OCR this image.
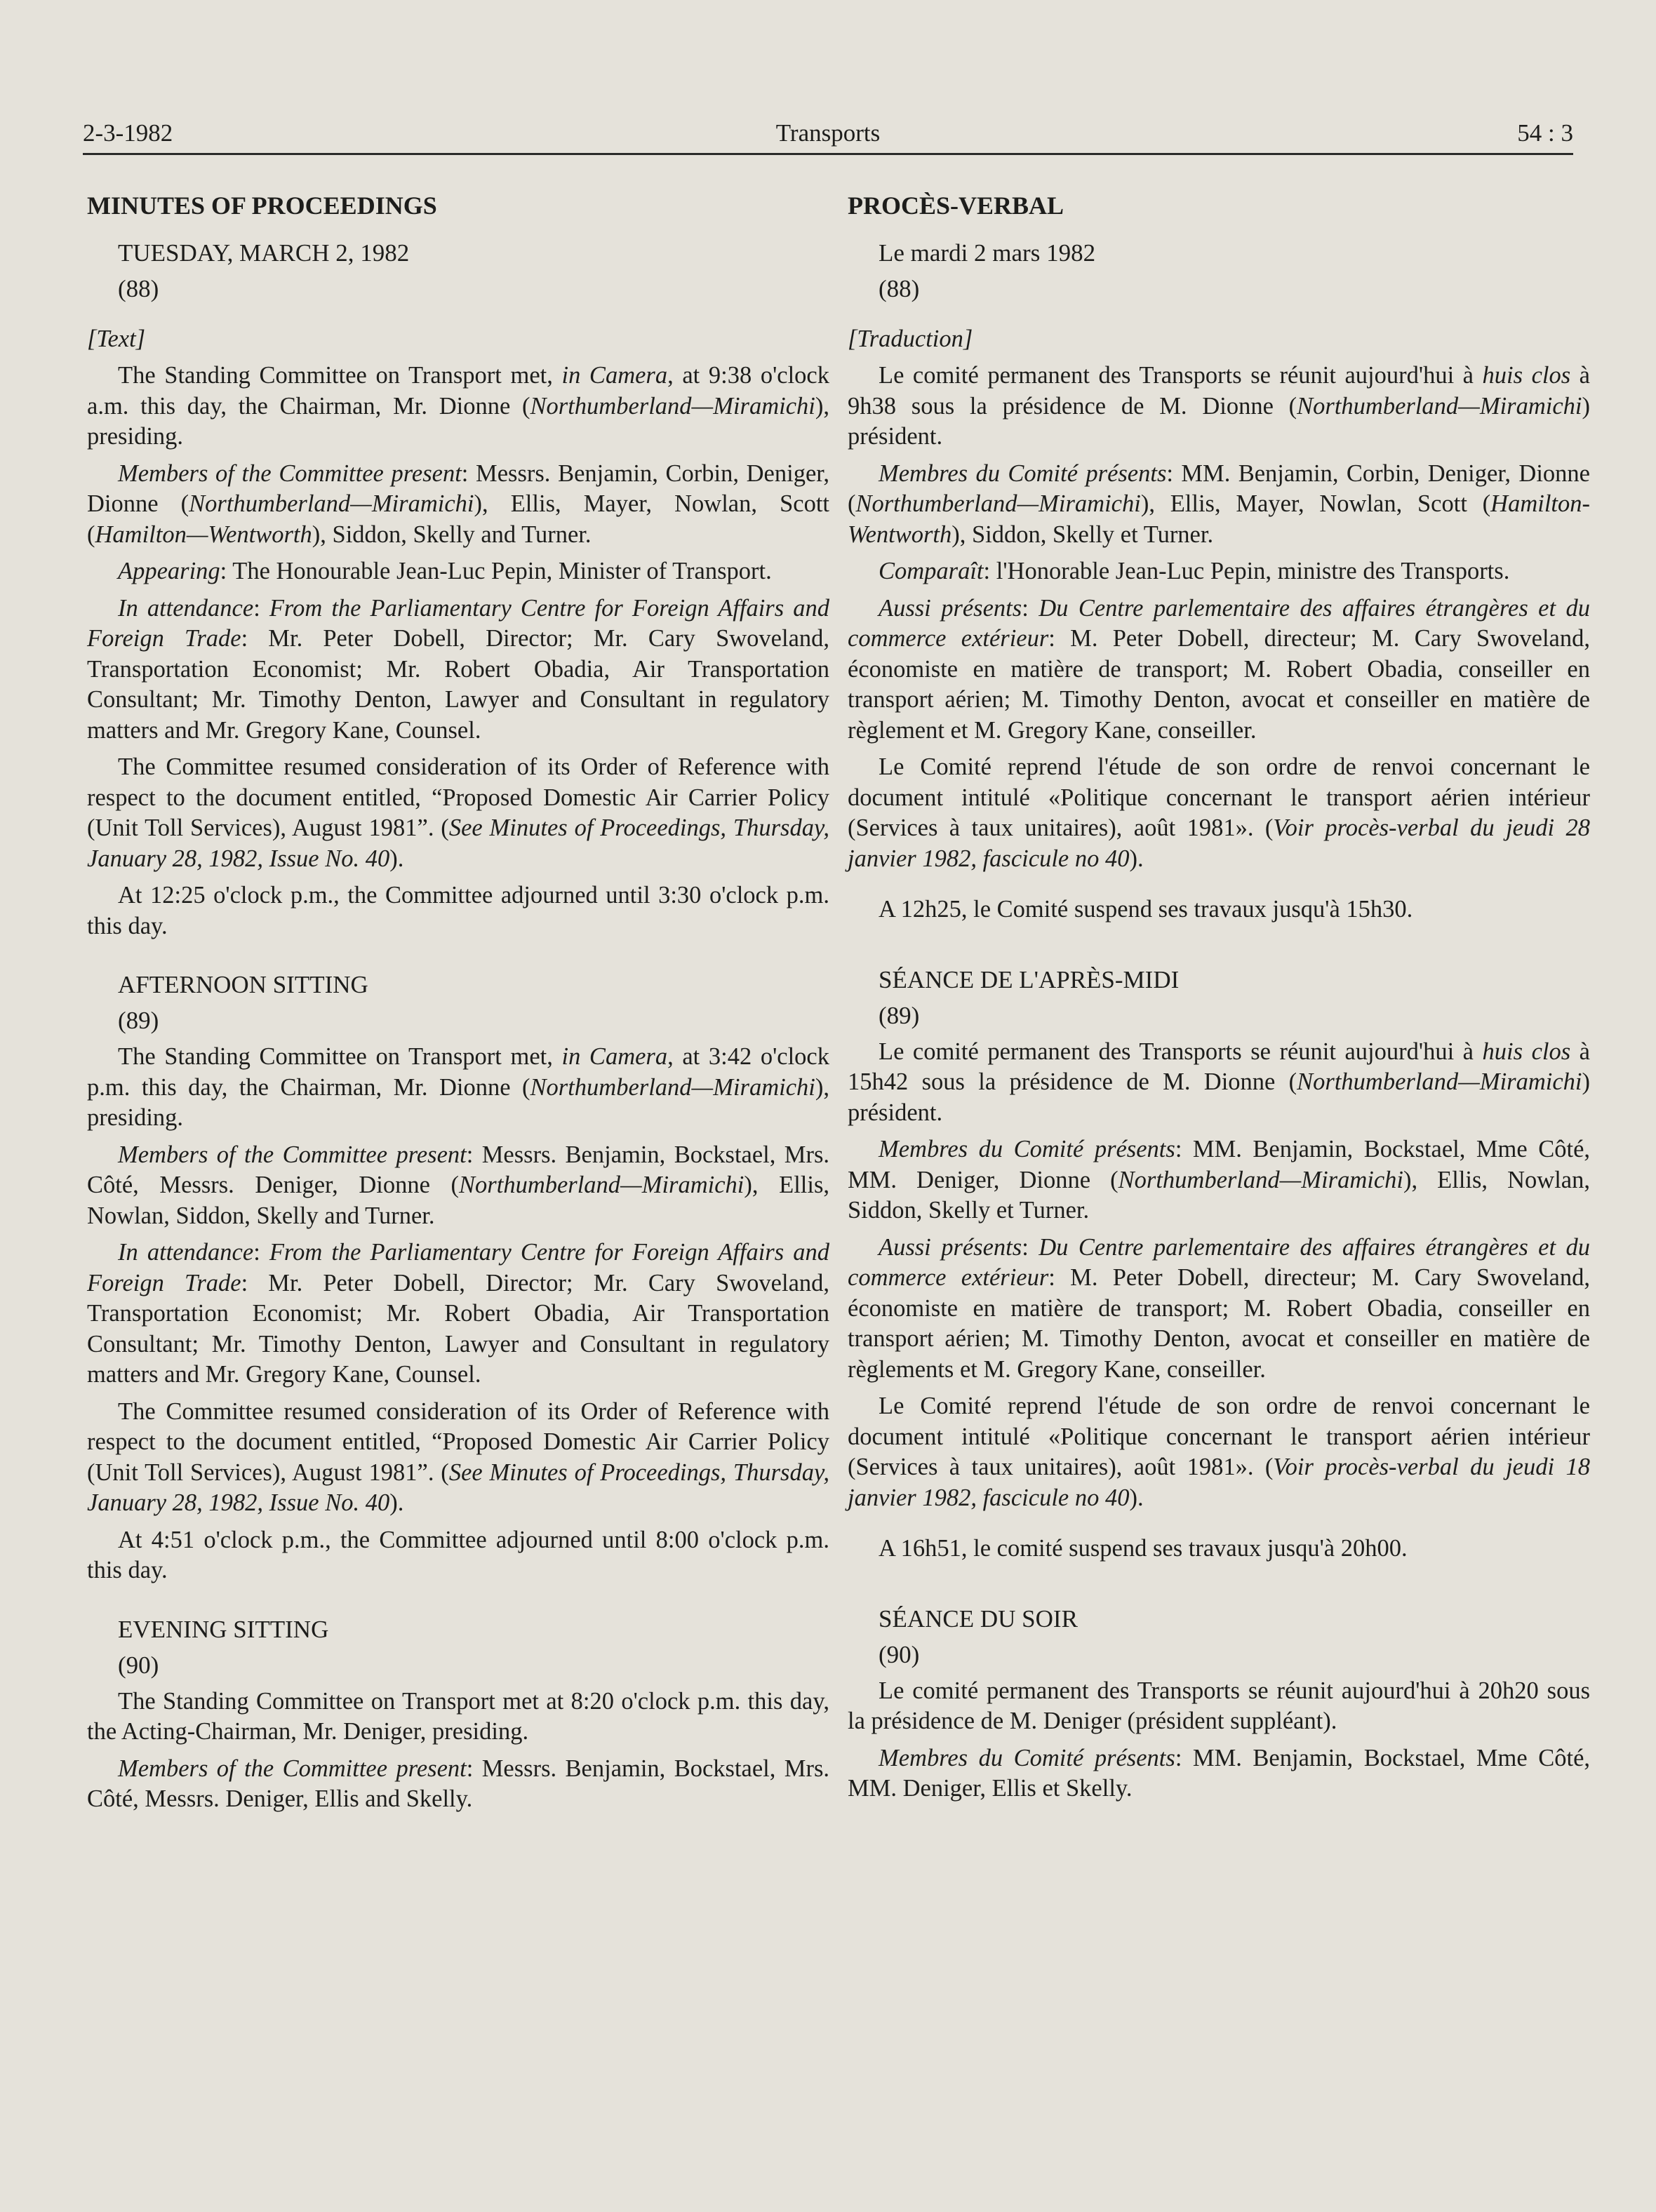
2-3-1982	Transports	54 : 3

MINUTES OF PROCEEDINGS

TUESDAY, MARCH 2, 1982

(88)

[Text]

The Standing Committee on Transport met, in Camera, at 9:38 o'clock a.m. this day, the Chairman, Mr. Dionne (Northumberland—Miramichi), presiding.

Members of the Committee present: Messrs. Benjamin, Corbin, Deniger, Dionne (Northumberland—Miramichi), Ellis, Mayer, Nowlan, Scott (Hamilton—Wentworth), Siddon, Skelly and Turner.

Appearing: The Honourable Jean-Luc Pepin, Minister of Transport.

In attendance: From the Parliamentary Centre for Foreign Affairs and Foreign Trade: Mr. Peter Dobell, Director; Mr. Cary Swoveland, Transportation Economist; Mr. Robert Obadia, Air Transportation Consultant; Mr. Timothy Denton, Lawyer and Consultant in regulatory matters and Mr. Gregory Kane, Counsel.

The Committee resumed consideration of its Order of Reference with respect to the document entitled, “Proposed Domestic Air Carrier Policy (Unit Toll Services), August 1981”. (See Minutes of Proceedings, Thursday, January 28, 1982, Issue No. 40).

At 12:25 o'clock p.m., the Committee adjourned until 3:30 o'clock p.m. this day.

AFTERNOON SITTING

(89)

The Standing Committee on Transport met, in Camera, at 3:42 o'clock p.m. this day, the Chairman, Mr. Dionne (Northumberland—Miramichi), presiding.

Members of the Committee present: Messrs. Benjamin, Bockstael, Mrs. Côté, Messrs. Deniger, Dionne (Northumberland—Miramichi), Ellis, Nowlan, Siddon, Skelly and Turner.

In attendance: From the Parliamentary Centre for Foreign Affairs and Foreign Trade: Mr. Peter Dobell, Director; Mr. Cary Swoveland, Transportation Economist; Mr. Robert Obadia, Air Transportation Consultant; Mr. Timothy Denton, Lawyer and Consultant in regulatory matters and Mr. Gregory Kane, Counsel.

The Committee resumed consideration of its Order of Reference with respect to the document entitled, “Proposed Domestic Air Carrier Policy (Unit Toll Services), August 1981”. (See Minutes of Proceedings, Thursday, January 28, 1982, Issue No. 40).

At 4:51 o'clock p.m., the Committee adjourned until 8:00 o'clock p.m. this day.

EVENING SITTING

(90)

The Standing Committee on Transport met at 8:20 o'clock p.m. this day, the Acting-Chairman, Mr. Deniger, presiding.

Members of the Committee present: Messrs. Benjamin, Bockstael, Mrs. Côté, Messrs. Deniger, Ellis and Skelly.

PROCÈS-VERBAL

Le mardi 2 mars 1982

(88)

[Traduction]

Le comité permanent des Transports se réunit aujourd'hui à huis clos à 9h38 sous la présidence de M. Dionne (Northumberland—Miramichi) président.

Membres du Comité présents: MM. Benjamin, Corbin, Deniger, Dionne (Northumberland—Miramichi), Ellis, Mayer, Nowlan, Scott (Hamilton-Wentworth), Siddon, Skelly et Turner.

Comparaît: l'Honorable Jean-Luc Pepin, ministre des Transports.

Aussi présents: Du Centre parlementaire des affaires étrangères et du commerce extérieur: M. Peter Dobell, directeur; M. Cary Swoveland, économiste en matière de transport; M. Robert Obadia, conseiller en transport aérien; M. Timothy Denton, avocat et conseiller en matière de règlement et M. Gregory Kane, conseiller.

Le Comité reprend l'étude de son ordre de renvoi concernant le document intitulé «Politique concernant le transport aérien intérieur (Services à taux unitaires), août 1981». (Voir procès-verbal du jeudi 28 janvier 1982, fascicule no 40).

A 12h25, le Comité suspend ses travaux jusqu'à 15h30.

SÉANCE DE L'APRÈS-MIDI

(89)

Le comité permanent des Transports se réunit aujourd'hui à huis clos à 15h42 sous la présidence de M. Dionne (Northumberland—Miramichi) président.

Membres du Comité présents: MM. Benjamin, Bockstael, Mme Côté, MM. Deniger, Dionne (Northumberland—Miramichi), Ellis, Nowlan, Siddon, Skelly et Turner.

Aussi présents: Du Centre parlementaire des affaires étrangères et du commerce extérieur: M. Peter Dobell, directeur; M. Cary Swoveland, économiste en matière de transport; M. Robert Obadia, conseiller en transport aérien; M. Timothy Denton, avocat et conseiller en matière de règlements et M. Gregory Kane, conseiller.

Le Comité reprend l'étude de son ordre de renvoi concernant le document intitulé «Politique concernant le transport aérien intérieur (Services à taux unitaires), août 1981». (Voir procès-verbal du jeudi 18 janvier 1982, fascicule no 40).

A 16h51, le comité suspend ses travaux jusqu'à 20h00.

SÉANCE DU SOIR

(90)

Le comité permanent des Transports se réunit aujourd'hui à 20h20 sous la présidence de M. Deniger (président suppléant).

Membres du Comité présents: MM. Benjamin, Bockstael, Mme Côté, MM. Deniger, Ellis et Skelly.
